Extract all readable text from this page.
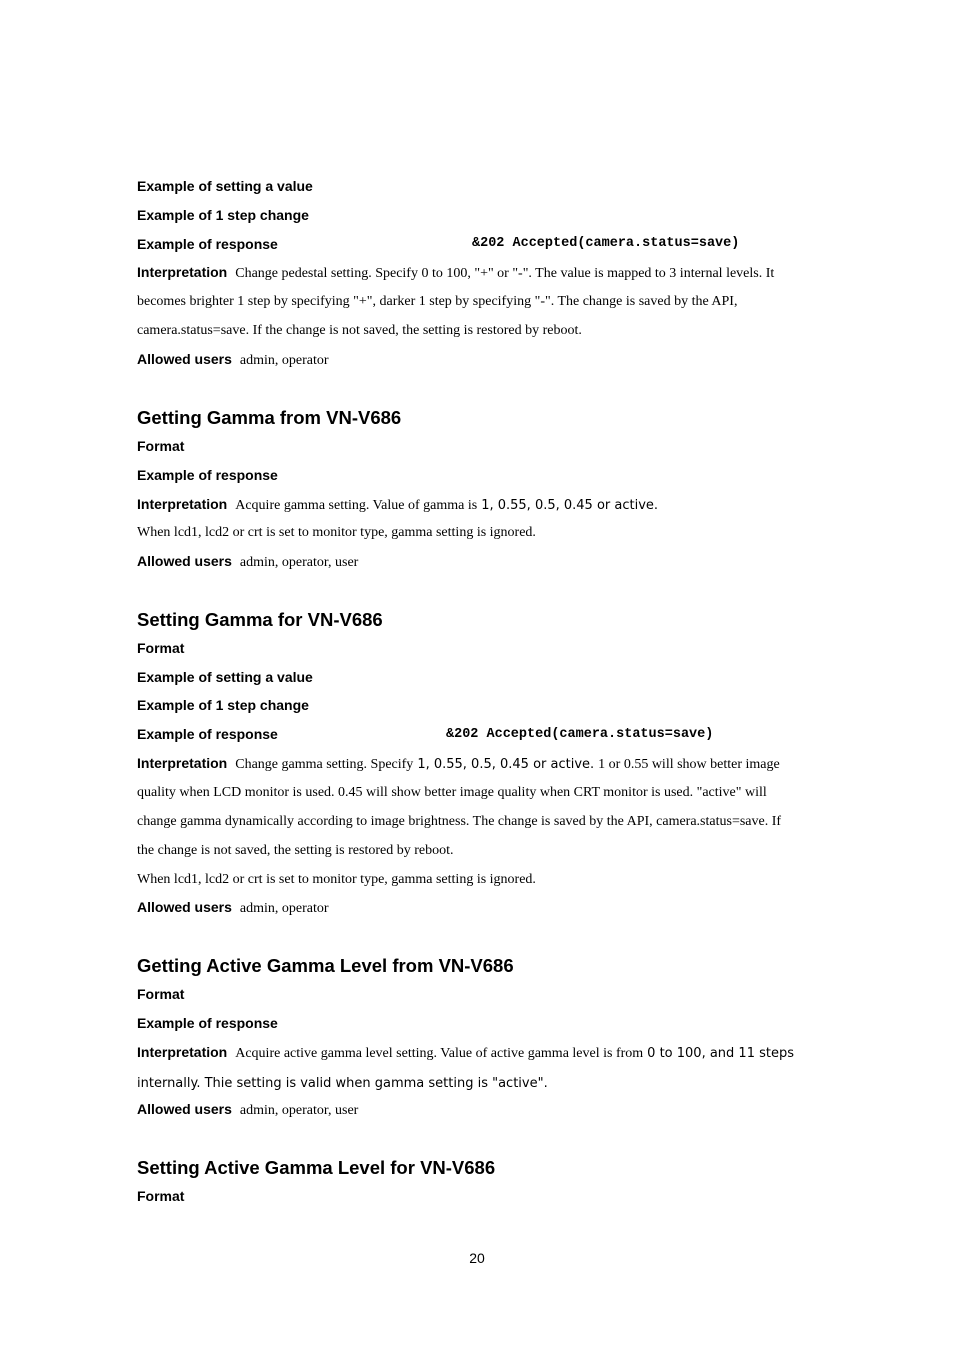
Example of setting a value
Example of 1 step change
Example of response	&202 Accepted(camera.status=save)
Interpretation Change pedestal setting. Specify 0 to 100, "+" or "-". The value is mapped to 3 internal levels. It
becomes brighter 1 step by specifying "+", darker 1 step by specifying "-". The change is saved by the API,
camera.status=save. If the change is not saved, the setting is restored by reboot.
Allowed users admin, operator
Getting Gamma from VN-V686
Format
Example of response
Interpretation Acquire gamma setting. Value of gamma is 1, 0.55, 0.5, 0.45 or active.
When lcd1, lcd2 or crt is set to monitor type, gamma setting is ignored.
Allowed users admin, operator, user
Setting Gamma for VN-V686
Format
Example of setting a value
Example of 1 step change
Example of response	&202 Accepted(camera.status=save)
Interpretation Change gamma setting. Specify 1, 0.55, 0.5, 0.45 or active. 1 or 0.55 will show better image
quality when LCD monitor is used. 0.45 will show better image quality when CRT monitor is used. "active" will
change gamma dynamically according to image brightness. The change is saved by the API, camera.status=save. If
the change is not saved, the setting is restored by reboot.
When lcd1, lcd2 or crt is set to monitor type, gamma setting is ignored.
Allowed users admin, operator
Getting Active Gamma Level from VN-V686
Format
Example of response
Interpretation Acquire active gamma level setting. Value of active gamma level is from 0 to 100, and 11 steps
internally. Thie setting is valid when gamma setting is "active".
Allowed users admin, operator, user
Setting Active Gamma Level for VN-V686
Format
20
